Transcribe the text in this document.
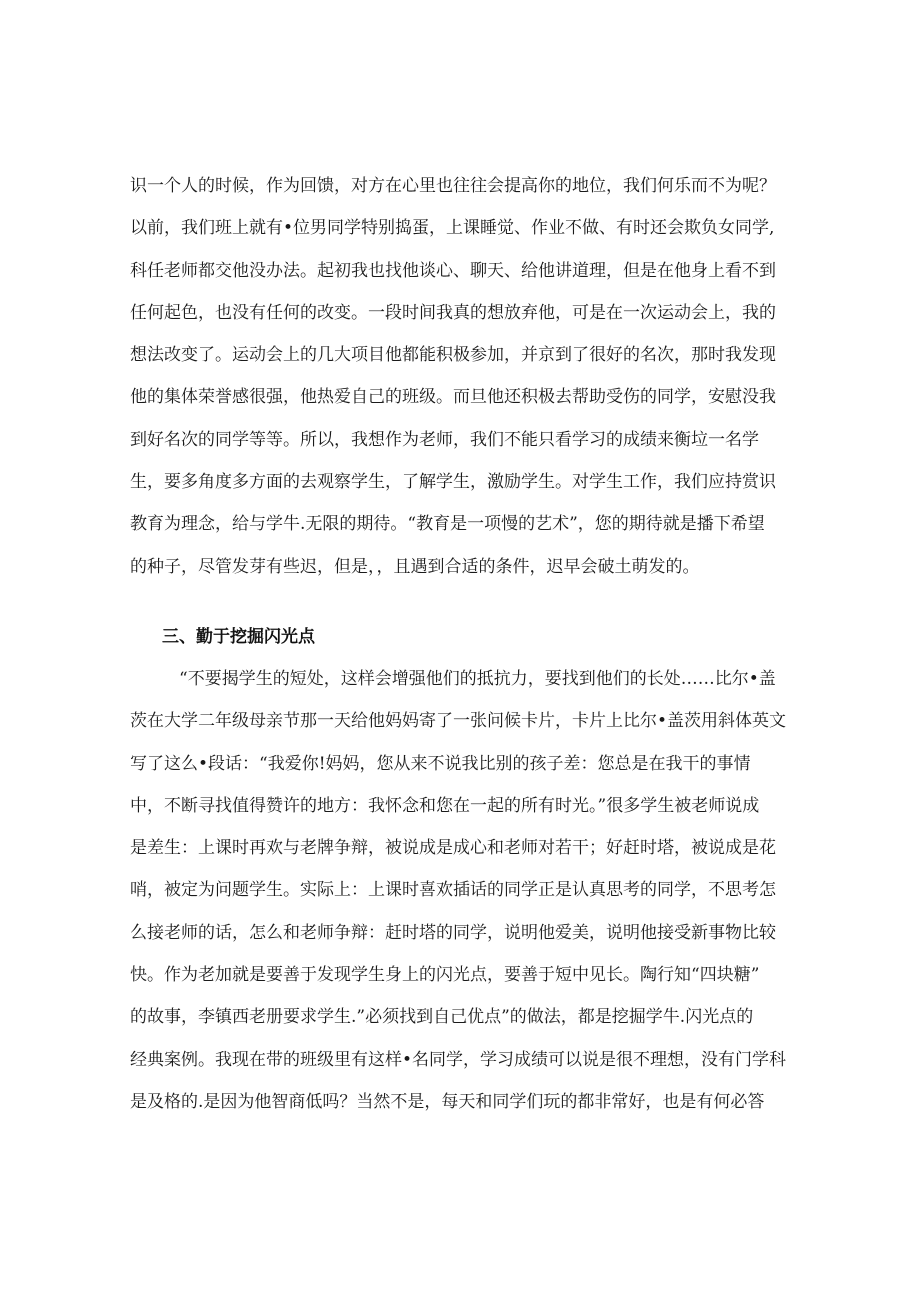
识一个人的时候，作为回馈，对方在心里也往往会提高你的地位，我们何乐而不为呢？
以前，我们班上就有•位男同学特别捣蛋，上课睡觉、作业不做、有时还会欺负女同学,
科任老师都交他没办法。起初我也找他谈心、聊天、给他讲道理，但是在他身上看不到
任何起色，也没有任何的改变。一段时间我真的想放弃他，可是在一次运动会上，我的
想法改变了。运动会上的几大项目他都能积极参加，并京到了很好的名次，那时我发现
他的集体荣誉感很强，他热爱自己的班级。而旦他还积极去帮助受伤的同学，安慰没我
到好名次的同学等等。所以，我想作为老师，我们不能只看学习的成绩来衡垃一名学
生，要多角度多方面的去观察学生，了解学生，激励学生。对学生工作，我们应持赏识
教育为理念，给与学牛.无限的期待。“教育是一项慢的艺术”，您的期待就是播下希望
的种子，尽管发芽有些迟，但是，，且遇到合适的条件，迟早会破土萌发的。
三、勤于挖掘闪光点
“不要揭学生的短处，这样会增强他们的抵抗力，要找到他们的长处……比尔•盖
茨在大学二年级母亲节那一天给他妈妈寄了一张问候卡片，卡片上比尔•盖茨用斜体英文
写了这么•段话：“我爱你!妈妈，您从来不说我比别的孩子差：您总是在我干的事情
中，不断寻找值得赞许的地方：我怀念和您在一起的所有时光。”很多学生被老师说成
是差生：上课时再欢与老牌争辩，被说成是成心和老师对若干；好赶时塔，被说成是花
哨，被定为问题学生。实际上：上课时喜欢插话的同学正是认真思考的同学，不思考怎
么接老师的话，怎么和老师争辩：赶时塔的同学，说明他爱美，说明他接受新事物比较
快。作为老加就是要善于发现学生身上的闪光点，要善于短中见长。陶行知“四块糖”
的故事，李镇西老册要求学生.”必须找到自己优点”的做法，都是挖掘学牛.闪光点的
经典案例。我现在带的班级里有这样•名同学，学习成绩可以说是很不理想，没有门学科
是及格的.是因为他智商低吗？当然不是，每天和同学们玩的都非常好，也是有何必答
